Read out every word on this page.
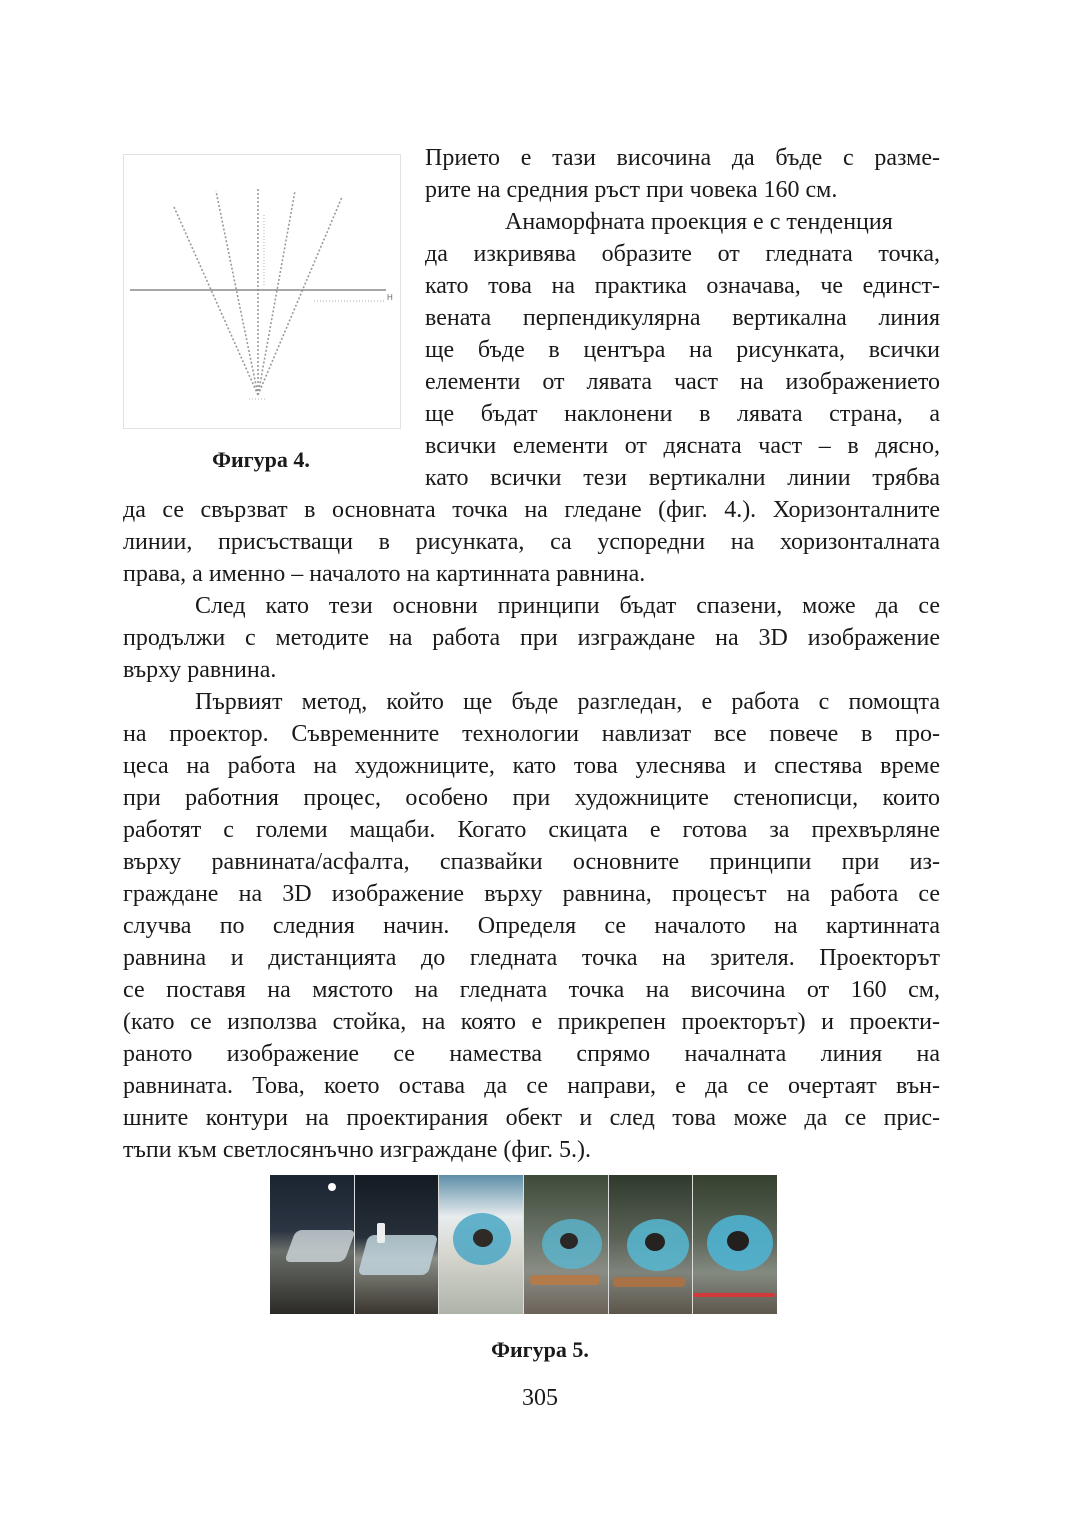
H
Фигура 4.
Прието е тази височина да бъде с разме-
рите на средния ръст при човека 160 см.
Анаморфната проекция е с тенденция
да изкривява образите от гледната точка,
като това на практика означава, че единст-
вената перпендикулярна вертикална линия
ще бъде в центъра на рисунката, всички
елементи от лявата част на изображението
ще бъдат наклонени в лявата страна, а
всички елементи от дясната част – в дясно,
като всички тези вертикални линии трябва
да се свързват в основната точка на гледане (фиг. 4.). Хоризонталните
линии, присъстващи в рисунката, са успоредни на хоризонталната
права, а именно – началото на картинната равнина.
След като тези основни принципи бъдат спазени, може да се
продължи с методите на работа при изграждане на 3D изображение
върху равнина.
Първият метод, който ще бъде разгледан, е работа с помощта
на проектор. Съвременните технологии навлизат все повече в про-
цеса на работа на художниците, като това улеснява и спестява време
при работния процес, особено при художниците стенописци, които
работят с големи мащаби. Когато скицата е готова за прехвърляне
върху равнината/асфалта, спазвайки основните принципи при из-
граждане на 3D изображение върху равнина, процесът на работа се
случва по следния начин. Определя се началото на картинната
равнина и дистанцията до гледната точка на зрителя. Проекторът
се поставя на мястото на гледната точка на височина от 160 см,
(като се използва стойка, на която е прикрепен проекторът) и проекти-
раното изображение се намества спрямо началната линия на
равнината. Това, което остава да се направи, е да се очертаят вън-
шните контури на проектирания обект и след това може да се прис-
тъпи към светлосянъчно изграждане (фиг. 5.).
Фигура 5.
305
